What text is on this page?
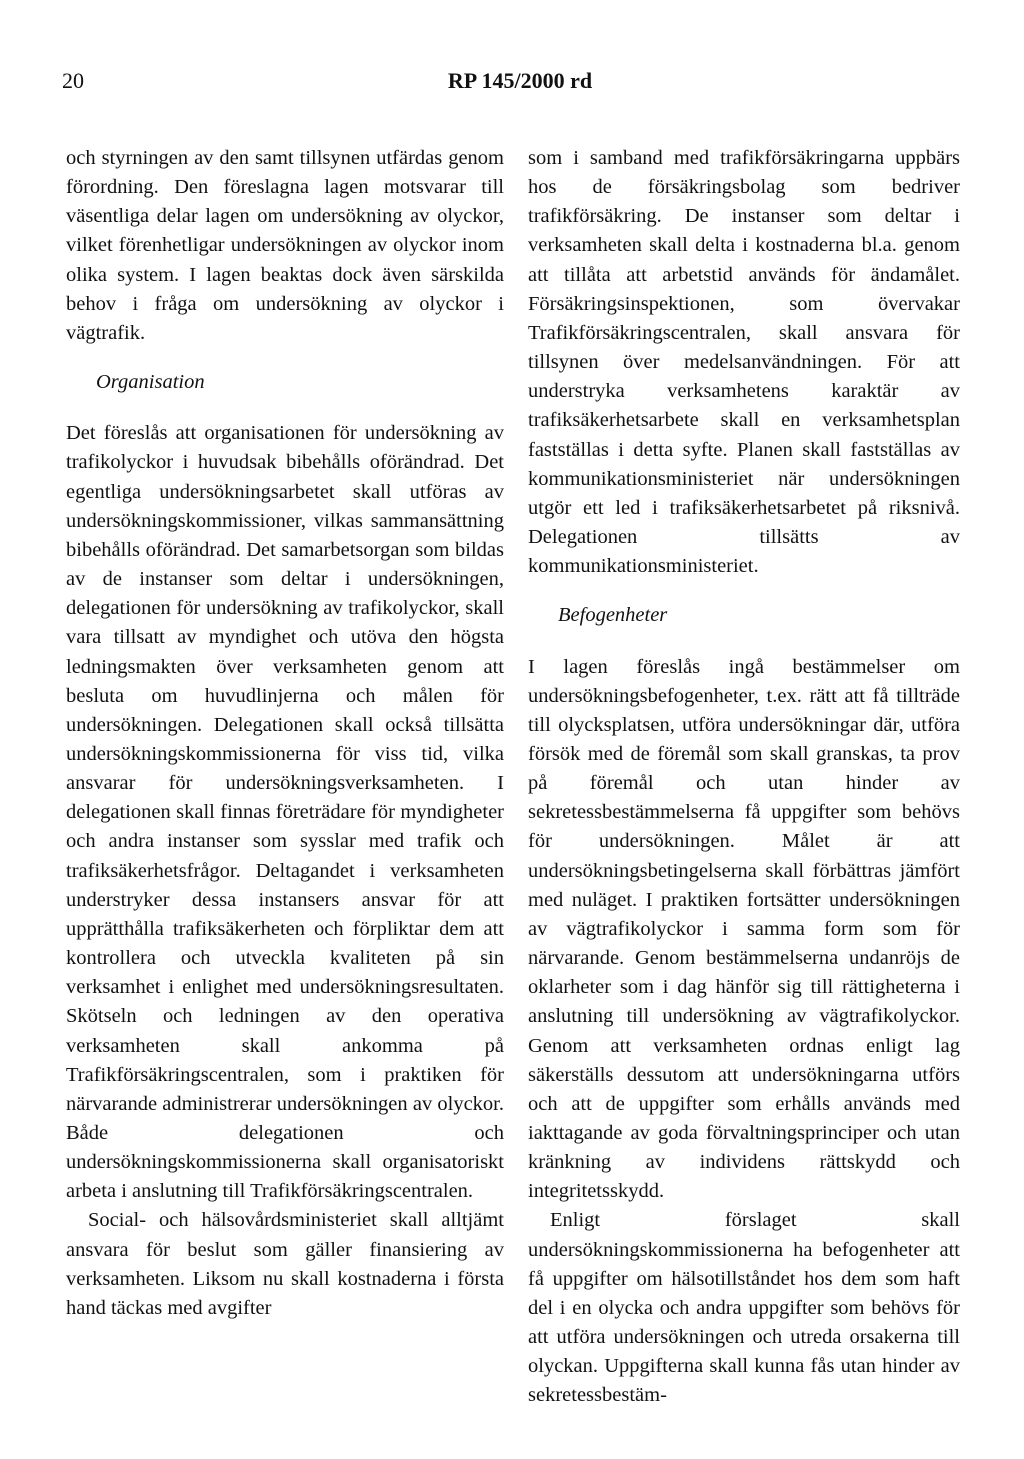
20	RP 145/2000 rd

och styrningen av den samt tillsynen utfärdas genom förordning. Den föreslagna lagen motsvarar till väsentliga delar lagen om undersökning av olyckor, vilket förenhetligar undersökningen av olyckor inom olika system. I lagen beaktas dock även särskilda behov i fråga om undersökning av olyckor i vägtrafik.

Organisation

Det föreslås att organisationen för undersökning av trafikolyckor i huvudsak bibehålls oförändrad. Det egentliga undersökningsarbetet skall utföras av undersökningskommissioner, vilkas sammansättning bibehålls oförändrad. Det samarbetsorgan som bildas av de instanser som deltar i undersökningen, delegationen för undersökning av trafikolyckor, skall vara tillsatt av myndighet och utöva den högsta ledningsmakten över verksamheten genom att besluta om huvudlinjerna och målen för undersökningen. Delegationen skall också tillsätta undersökningskommissionerna för viss tid, vilka ansvarar för undersökningsverksamheten. I delegationen skall finnas företrädare för myndigheter och andra instanser som sysslar med trafik och trafiksäkerhetsfrågor. Deltagandet i verksamheten understryker dessa instansers ansvar för att upprätthålla trafiksäkerheten och förpliktar dem att kontrollera och utveckla kvaliteten på sin verksamhet i enlighet med undersökningsresultaten. Skötseln och ledningen av den operativa verksamheten skall ankomma på Trafikförsäkringscentralen, som i praktiken för närvarande administrerar undersökningen av olyckor. Både delegationen och undersökningskommissionerna skall organisatoriskt arbeta i anslutning till Trafikförsäkringscentralen.

Social- och hälsovårdsministeriet skall alltjämt ansvara för beslut som gäller finansiering av verksamheten. Liksom nu skall kostnaderna i första hand täckas med avgifter

som i samband med trafikförsäkringarna uppbärs hos de försäkringsbolag som bedriver trafikförsäkring. De instanser som deltar i verksamheten skall delta i kostnaderna bl.a. genom att tillåta att arbetstid används för ändamålet. Försäkringsinspektionen, som övervakar Trafikförsäkringscentralen, skall ansvara för tillsynen över medelsanvändningen. För att understryka verksamhetens karaktär av trafiksäkerhetsarbete skall en verksamhetsplan fastställas i detta syfte. Planen skall fastställas av kommunikationsministeriet när undersökningen utgör ett led i trafiksäkerhetsarbetet på riksnivå. Delegationen tillsätts av kommunikationsministeriet.

Befogenheter

I lagen föreslås ingå bestämmelser om undersökningsbefogenheter, t.ex. rätt att få tillträde till olycksplatsen, utföra undersökningar där, utföra försök med de föremål som skall granskas, ta prov på föremål och utan hinder av sekretessbestämmelserna få uppgifter som behövs för undersökningen. Målet är att undersökningsbetingelserna skall förbättras jämfört med nuläget. I praktiken fortsätter undersökningen av vägtrafikolyckor i samma form som för närvarande. Genom bestämmelserna undanröjs de oklarheter som i dag hänför sig till rättigheterna i anslutning till undersökning av vägtrafikolyckor. Genom att verksamheten ordnas enligt lag säkerställs dessutom att undersökningarna utförs och att de uppgifter som erhålls används med iakttagande av goda förvaltningsprinciper och utan kränkning av individens rättskydd och integritetsskydd.

Enligt förslaget skall undersökningskommissionerna ha befogenheter att få uppgifter om hälsotillståndet hos dem som haft del i en olycka och andra uppgifter som behövs för att utföra undersökningen och utreda orsakerna till olyckan. Uppgifterna skall kunna fås utan hinder av sekretessbestäm-
